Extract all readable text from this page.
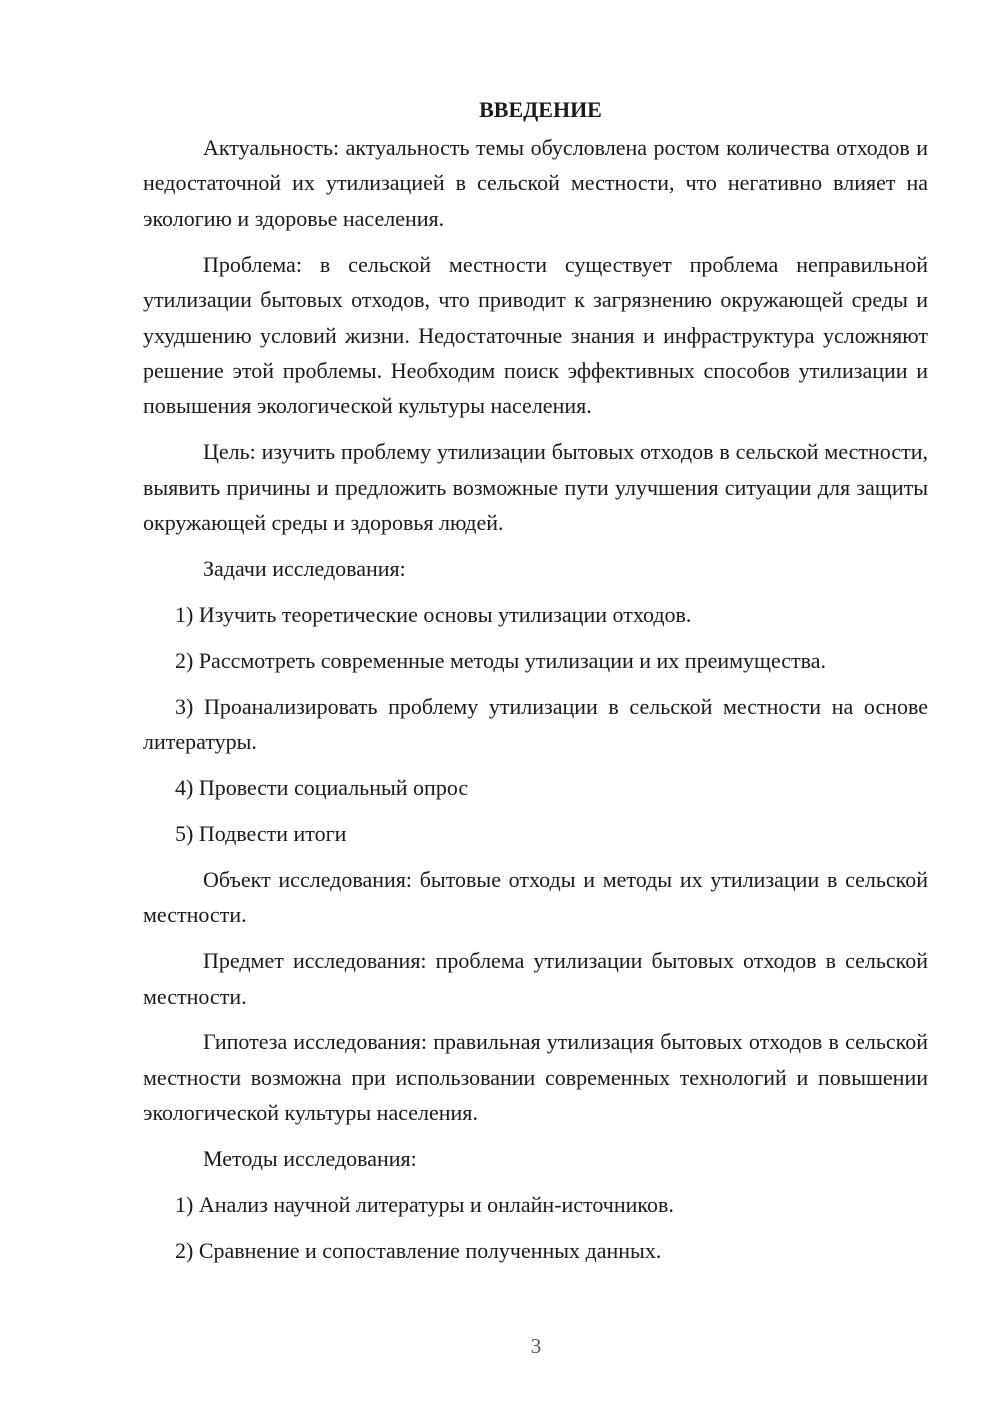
ВВЕДЕНИЕ

Актуальность: актуальность темы обусловлена ростом количества отходов и недостаточной их утилизацией в сельской местности, что негативно влияет на экологию и здоровье населения.

Проблема: в сельской местности существует проблема неправильной утилизации бытовых отходов, что приводит к загрязнению окружающей среды и ухудшению условий жизни. Недостаточные знания и инфраструктура усложняют решение этой проблемы. Необходим поиск эффективных способов утилизации и повышения экологической культуры населения.

Цель: изучить проблему утилизации бытовых отходов в сельской местности, выявить причины и предложить возможные пути улучшения ситуации для защиты окружающей среды и здоровья людей.

Задачи исследования:

1) Изучить теоретические основы утилизации отходов.

2) Рассмотреть современные методы утилизации и их преимущества.

3) Проанализировать проблему утилизации в сельской местности на основе литературы.

4) Провести социальный опрос

5) Подвести итоги

Объект исследования: бытовые отходы и методы их утилизации в сельской местности.

Предмет исследования: проблема утилизации бытовых отходов в сельской местности.

Гипотеза исследования: правильная утилизация бытовых отходов в сельской местности возможна при использовании современных технологий и повышении экологической культуры населения.

Методы исследования:

1) Анализ научной литературы и онлайн-источников.

2) Сравнение и сопоставление полученных данных.

3
